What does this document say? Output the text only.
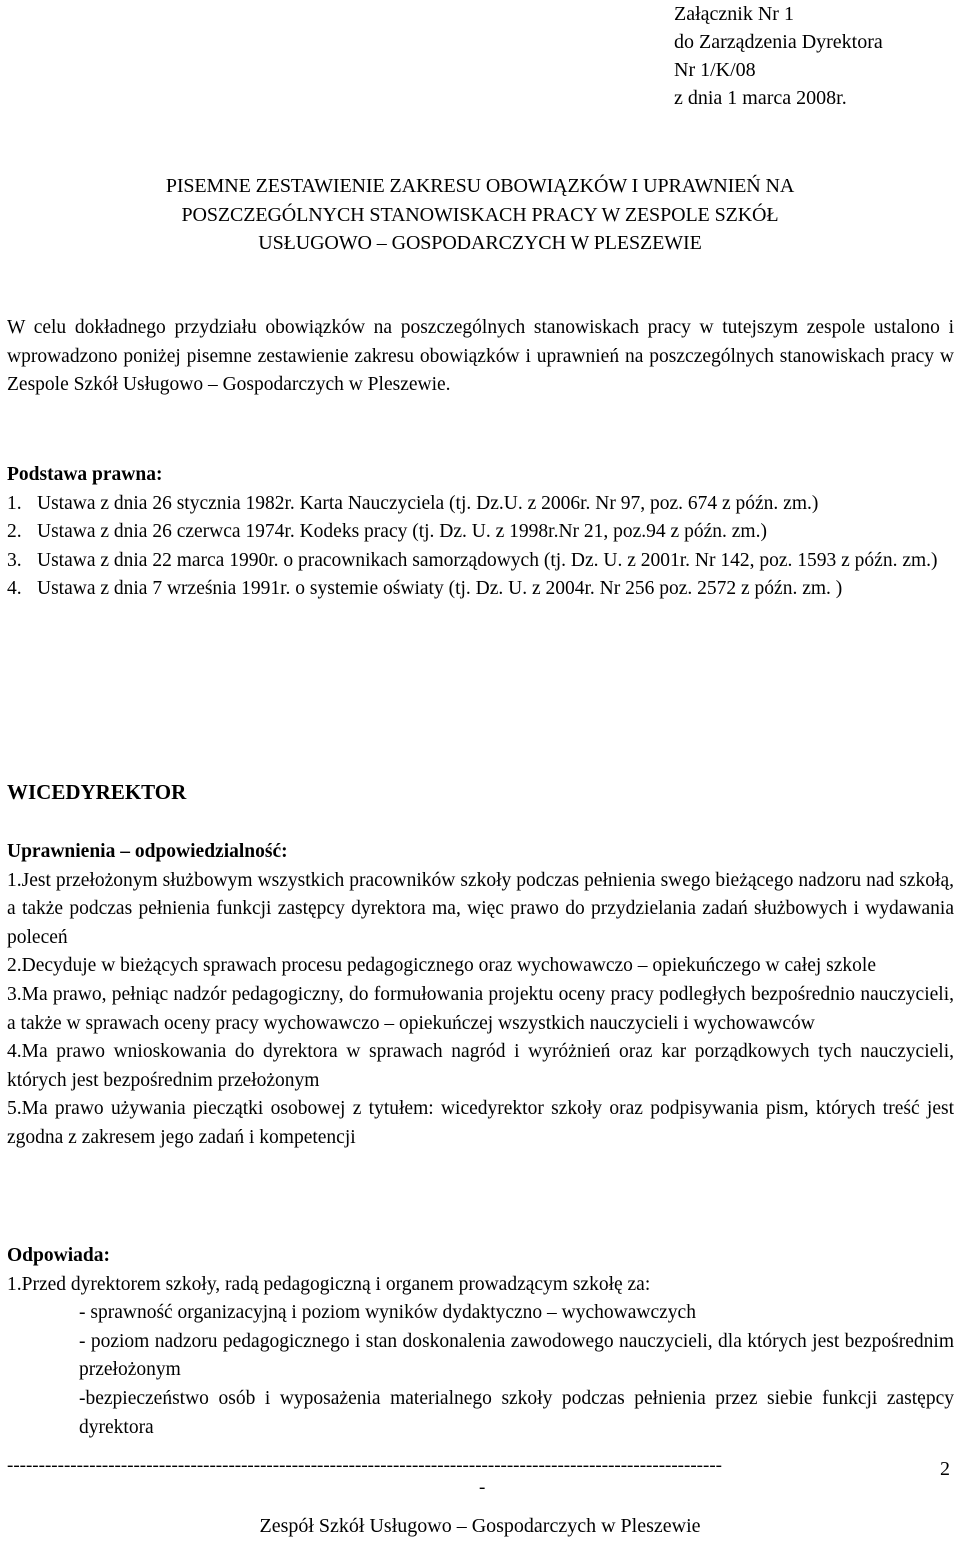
Załącznik Nr 1
do Zarządzenia Dyrektora
Nr 1/K/08
z dnia 1 marca 2008r.
PISEMNE ZESTAWIENIE ZAKRESU OBOWIĄZKÓW I UPRAWNIEŃ NA
POSZCZEGÓLNYCH STANOWISKACH PRACY W ZESPOLE SZKÓŁ
USŁUGOWO – GOSPODARCZYCH W PLESZEWIE

W celu dokładnego przydziału obowiązków na poszczególnych stanowiskach pracy w tutejszym zespole ustalono i wprowadzono poniżej pisemne zestawienie zakresu obowiązków i uprawnień na poszczególnych stanowiskach pracy w Zespole Szkół Usługowo – Gospodarczych w Pleszewie.

Podstawa prawna:
1. Ustawa z dnia 26 stycznia 1982r. Karta Nauczyciela (tj. Dz.U. z 2006r. Nr 97, poz. 674 z późn. zm.)
2. Ustawa z dnia 26 czerwca 1974r. Kodeks pracy (tj. Dz. U. z 1998r.Nr 21, poz.94 z późn. zm.)
3. Ustawa z dnia 22 marca 1990r. o pracownikach samorządowych (tj. Dz. U. z 2001r. Nr 142, poz. 1593 z późn. zm.)
4. Ustawa z dnia 7 września 1991r. o systemie oświaty (tj. Dz. U. z 2004r. Nr 256 poz. 2572 z późn. zm. )
WICEDYREKTOR
Uprawnienia – odpowiedzialność:

1.Jest przełożonym służbowym wszystkich pracowników szkoły podczas pełnienia swego bieżącego nadzoru nad szkołą, a także podczas pełnienia funkcji zastępcy dyrektora ma, więc prawo do przydzielania zadań służbowych i wydawania poleceń

2.Decyduje w bieżących sprawach procesu pedagogicznego oraz wychowawczo – opiekuńczego w całej szkole

3.Ma prawo, pełniąc nadzór pedagogiczny, do formułowania projektu oceny pracy podległych bezpośrednio nauczycieli, a także w sprawach oceny pracy wychowawczo – opiekuńczej wszystkich nauczycieli i wychowawców

4.Ma prawo wnioskowania do dyrektora w sprawach nagród i wyróżnień oraz kar porządkowych tych nauczycieli, których jest bezpośrednim przełożonym

5.Ma prawo używania pieczątki osobowej z tytułem: wicedyrektor szkoły oraz podpisywania pism, których treść jest zgodna z zakresem jego zadań i kompetencji

Odpowiada:

1.Przed dyrektorem szkoły, radą pedagogiczną i organem prowadzącym szkołę za:

- sprawność organizacyjną i poziom wyników dydaktyczno – wychowawczych

- poziom nadzoru pedagogicznego i stan doskonalenia zawodowego nauczycieli, dla których jest bezpośrednim przełożonym

-bezpieczeństwo osób i wyposażenia materialnego szkoły podczas pełnienia przez siebie funkcji zastępcy dyrektora

-----------------------------------------------------------------------------------------------------------------	2
-
Zespół Szkół Usługowo – Gospodarczych w Pleszewie
